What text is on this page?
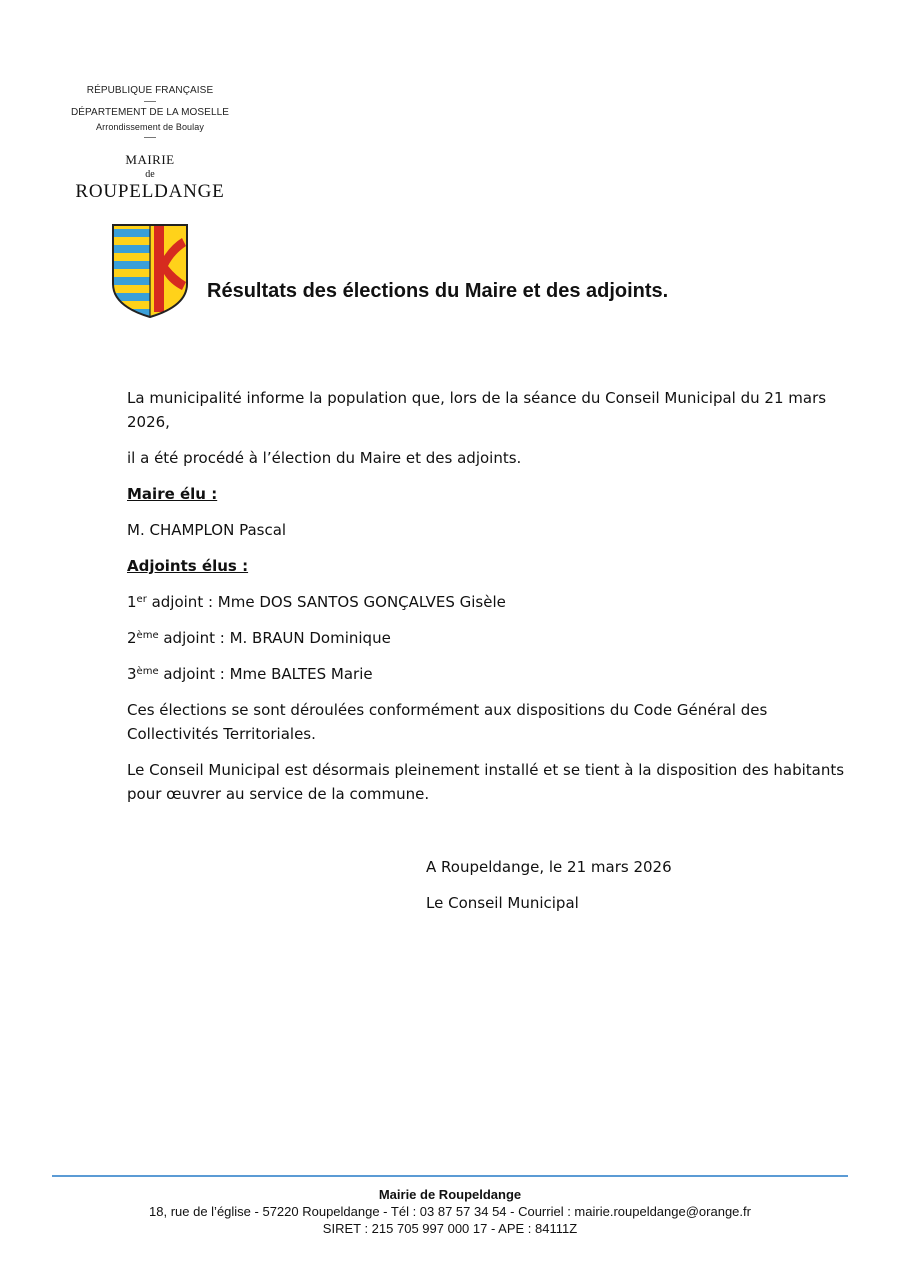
RÉPUBLIQUE FRANÇAISE
DÉPARTEMENT DE LA MOSELLE
Arrondissement de Boulay
MAIRIE
de
ROUPELDANGE
Résultats des élections du Maire et des adjoints.

La municipalité informe la population que, lors de la séance du Conseil Municipal du 21 mars 2026,

il a été procédé à l’élection du Maire et des adjoints.

Maire élu :

M. CHAMPLON Pascal

Adjoints élus :

1er adjoint : Mme DOS SANTOS GONÇALVES Gisèle

2ème adjoint : M. BRAUN Dominique

3ème adjoint : Mme BALTES Marie

Ces élections se sont déroulées conformément aux dispositions du Code Général des Collectivités Territoriales.

Le Conseil Municipal est désormais pleinement installé et se tient à la disposition des habitants pour œuvrer au service de la commune.

A Roupeldange, le 21 mars 2026

Le Conseil Municipal

Mairie de Roupeldange
18, rue de l’église - 57220 Roupeldange - Tél : 03 87 57 34 54 - Courriel : mairie.roupeldange@orange.fr
SIRET : 215 705 997 000 17 - APE : 84111Z
